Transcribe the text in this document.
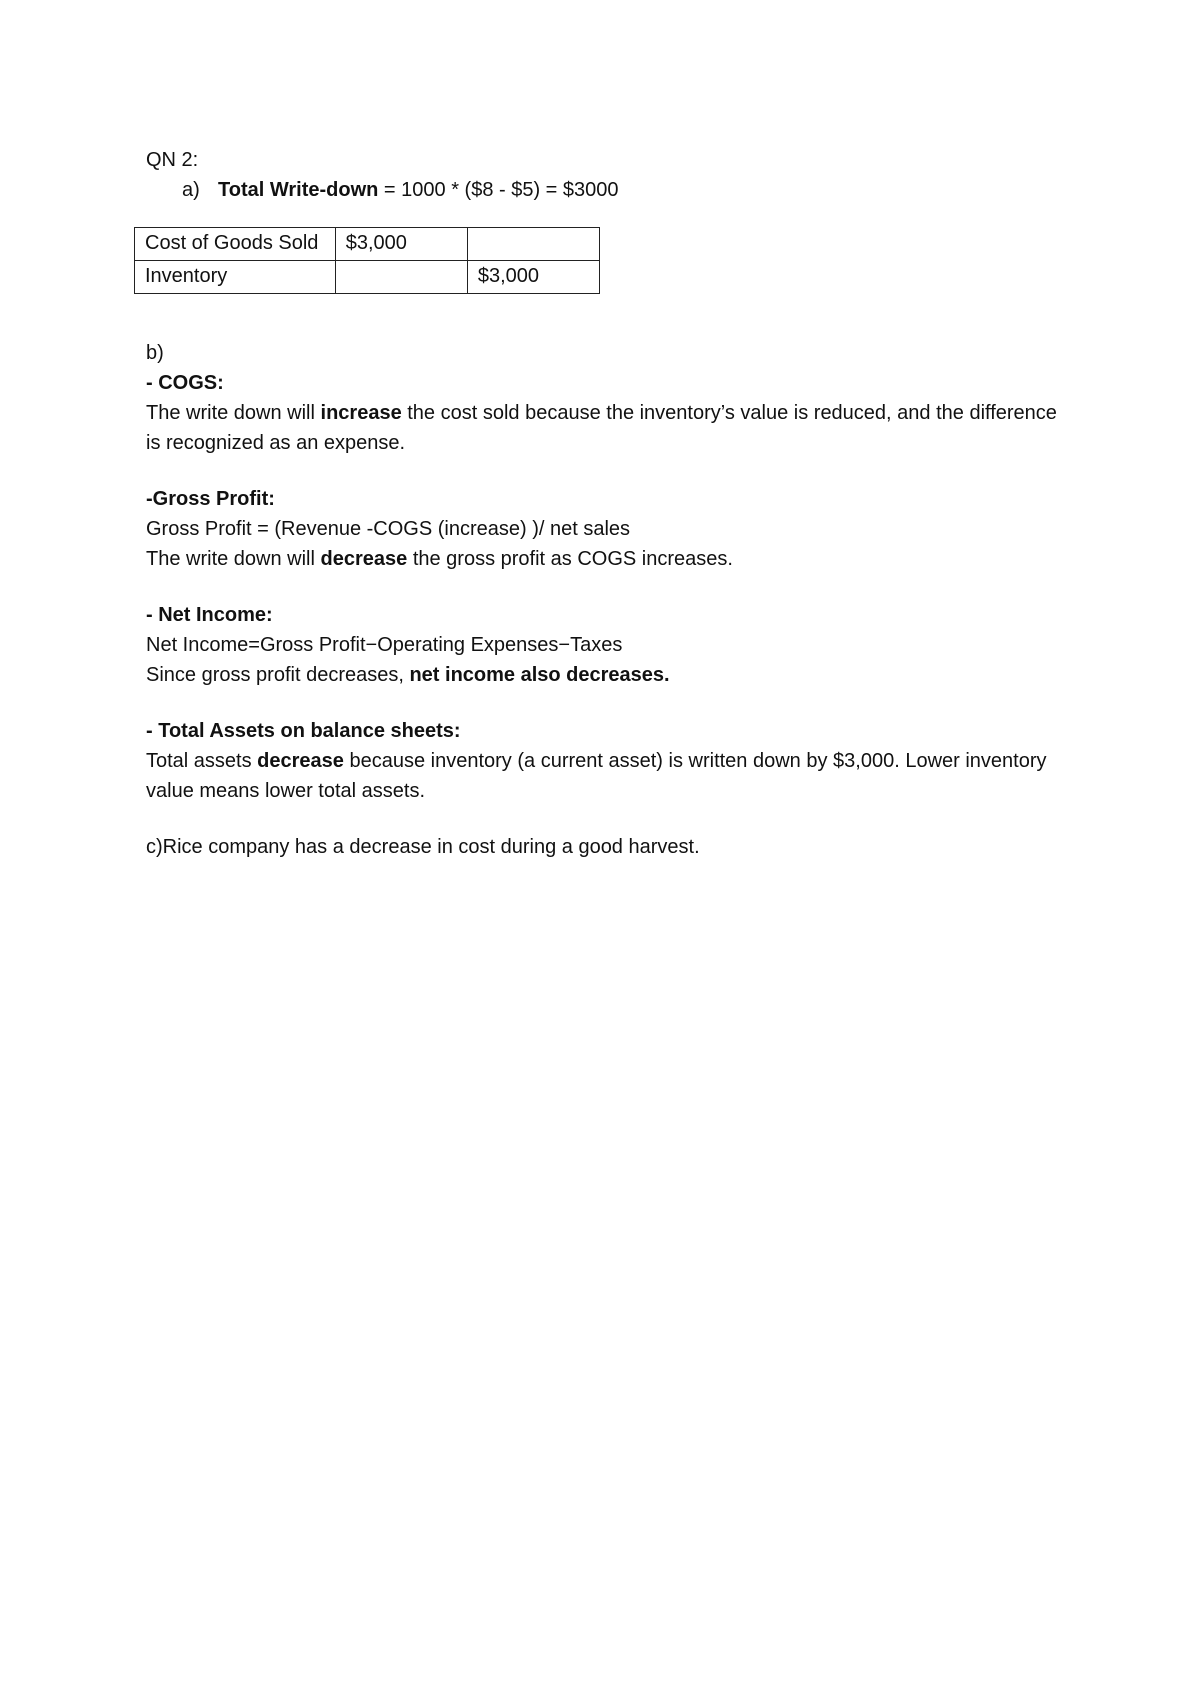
QN 2:

a) Total Write-down = 1000 * ($8 - $5) = $3000

Cost of Goods Sold	$3,000	
Inventory		$3,000

b)

- COGS:

The write down will increase the cost sold because the inventory’s value is reduced, and the difference is recognized as an expense.

-Gross Profit:

Gross Profit = (Revenue -COGS (increase) )/ net sales

The write down will decrease the gross profit as COGS increases.

- Net Income:

Net Income=Gross Profit−Operating Expenses−Taxes

Since gross profit decreases, net income also decreases.

- Total Assets on balance sheets:

Total assets decrease because inventory (a current asset) is written down by $3,000. Lower inventory value means lower total assets.

c)Rice company has a decrease in cost during a good harvest.
